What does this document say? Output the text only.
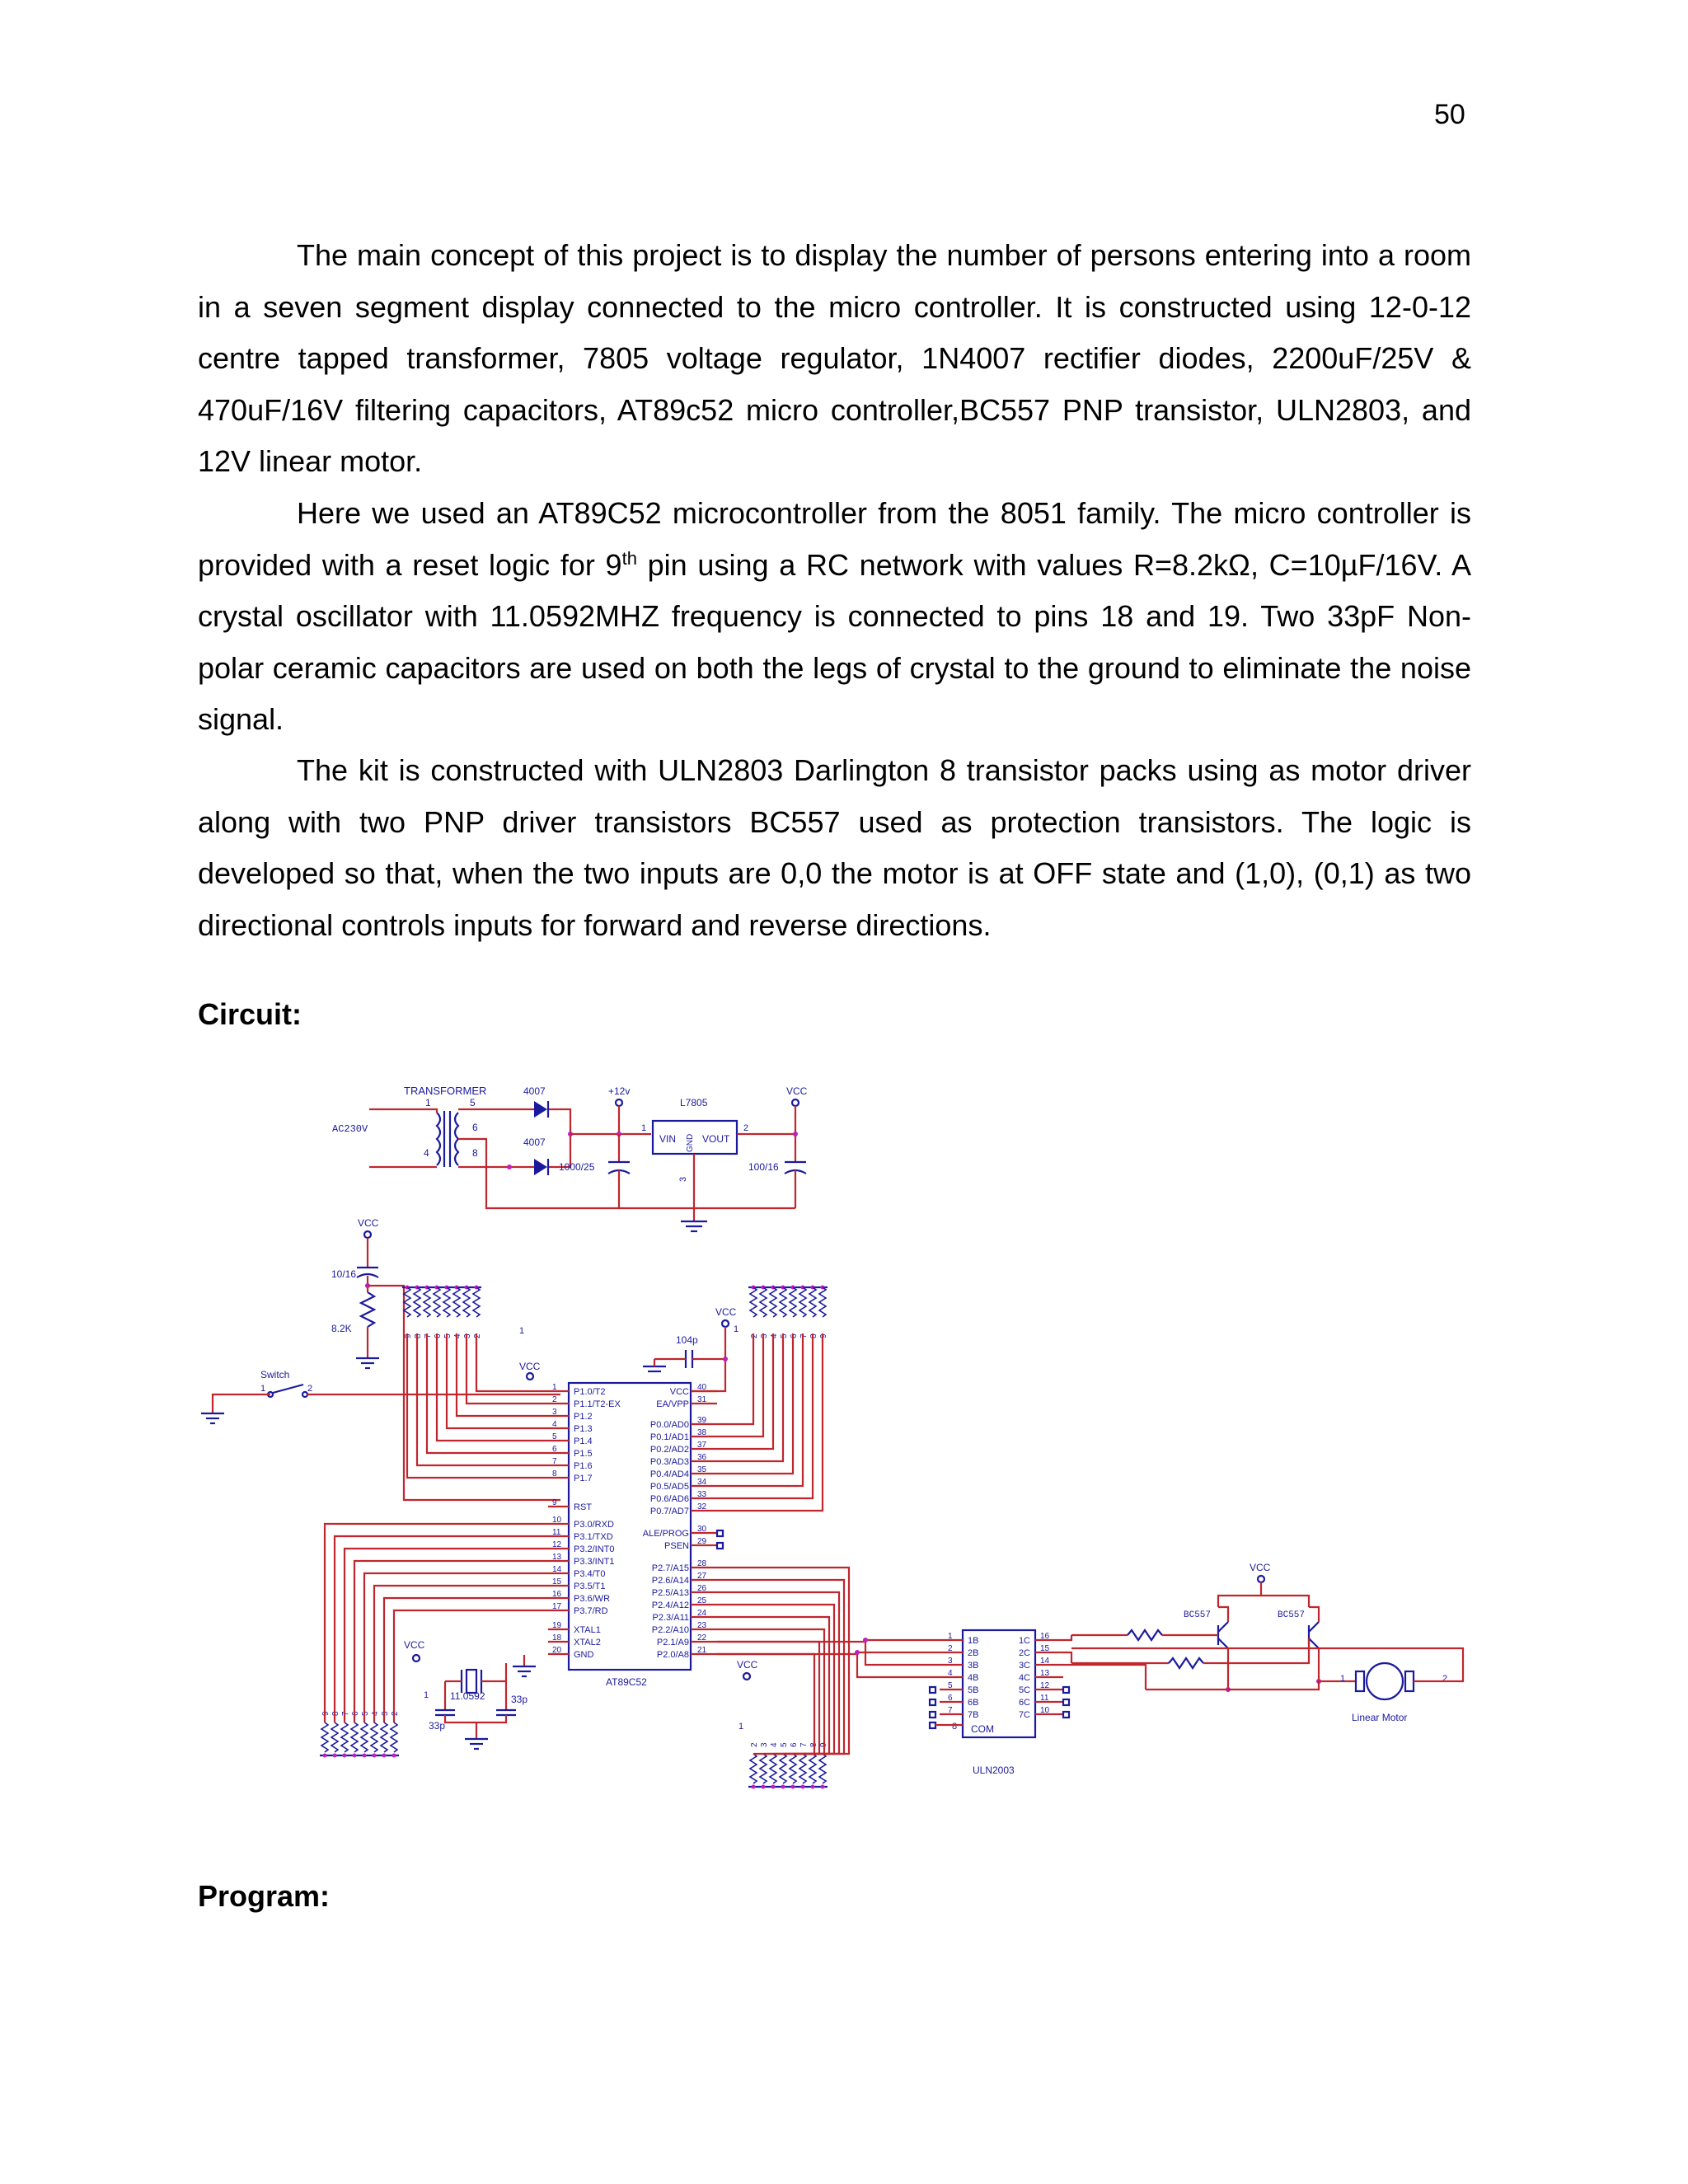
50

The main concept of this project is to display the number of persons entering into a room in a seven segment display connected to the micro controller. It is constructed using 12-0-12 centre tapped transformer, 7805 voltage regulator, 1N4007 rectifier diodes, 2200uF/25V & 470uF/16V filtering capacitors, AT89c52 micro controller,BC557 PNP transistor, ULN2803, and 12V linear motor.

Here we used an AT89C52 microcontroller from the 8051 family. The micro controller is provided with a reset logic for 9th pin using a RC network with values R=8.2kΩ, C=10µF/16V. A crystal oscillator with 11.0592MHZ frequency is connected to pins 18 and 19. Two 33pF Non-polar ceramic capacitors are used on both the legs of crystal to the ground to eliminate the noise signal.

The kit is constructed with ULN2803 Darlington 8 transistor packs using as motor driver along with two PNP driver transistors BC557 used as protection transistors. The logic is developed so that, when the two inputs are 0,0 the motor is at OFF state and (1,0), (0,1) as two directional controls inputs for forward and reverse directions.

Circuit:
TRANSFORMER
1	5
6
4	8
AC230V
4007
4007
+12v
1000/25
L7805
VIN	VOUT
GND
1	2
3
VCC
100/16
VCC
10/16
8.2K
Switch
1	2
AT89C52
1 P1.0/T2
2 P1.1/T2-EX
3 P1.2
4 P1.3
5 P1.4
6 P1.5
7 P1.6
8 P1.7
9 RST
10 P3.0/RXD
11 P3.1/TXD
12 P3.2/INT0
13 P3.3/INT1
14 P3.4/T0
15 P3.5/T1
16 P3.6/WR
17 P3.7/RD
19 XTAL1
18 XTAL2
20 GND
40
VCC
31
EA/VPP
39
P0.0/AD0
38
P0.1/AD1
37
P0.2/AD2
36
P0.3/AD3
35
P0.4/AD4
34
P0.5/AD5
33
P0.6/AD6
32
P0.7/AD7
30
ALE/PROG
29
PSEN
28
P2.7/A15
27
P2.6/A14
26
P2.5/A13
25
P2.4/A12
24
P2.3/A11
23
P2.2/A10
22
P2.1/A9
21
P2.0/A8
VCC
1
104p
VCC
1 11.0592
33p
33p
9 8 7 6 5 4 3 2	2 3 4 5 6 7 8 9
9 8 7 6 5 4 3 2
2 3 4 5 6 7 8 9
1
VCC
1
VCC
ULN2003
1 1B	16
1C
2 2B	15
2C
3 3B	14
3C
4 4B	13
4C
5 5B	12
5C
6 6B	11
6C
7 7B	10
7C
COM
8
VCC
BC557	BC557
1	2
Linear Motor
Program:
